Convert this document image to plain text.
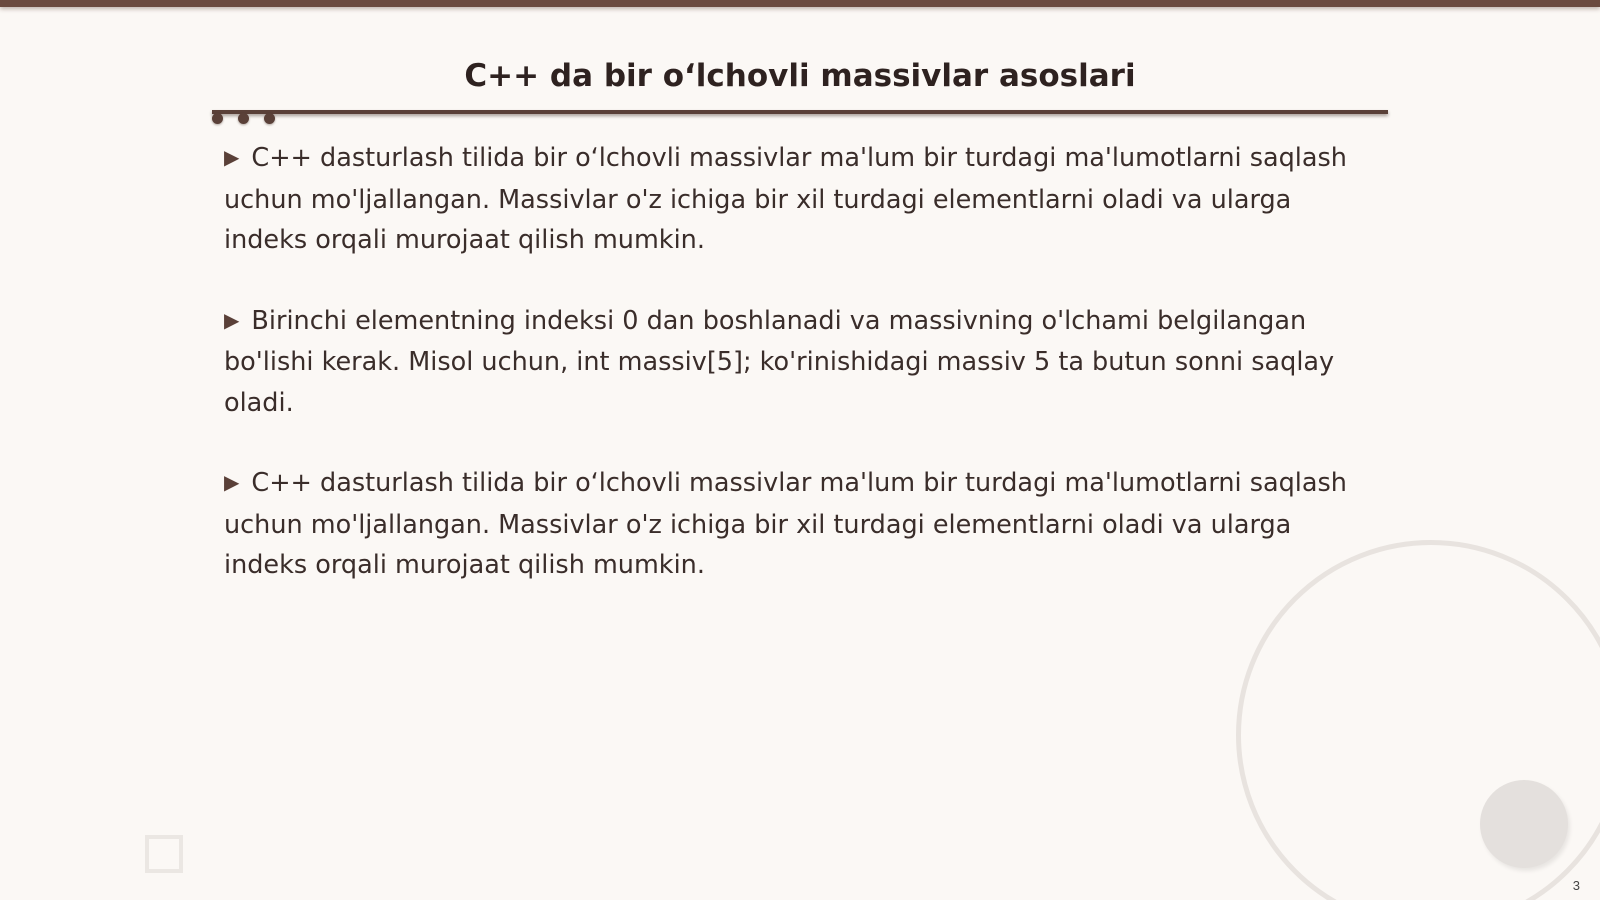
C++ da bir oʻlchovli massivlar asoslari

▶ C++ dasturlash tilida bir oʻlchovli massivlar ma'lum bir turdagi ma'lumotlarni saqlash uchun mo'ljallangan. Massivlar o'z ichiga bir xil turdagi elementlarni oladi va ularga indeks orqali murojaat qilish mumkin.

▶ Birinchi elementning indeksi 0 dan boshlanadi va massivning o'lchami belgilangan bo'lishi kerak. Misol uchun, int massiv[5]; ko'rinishidagi massiv 5 ta butun sonni saqlay oladi.

▶ C++ dasturlash tilida bir oʻlchovli massivlar ma'lum bir turdagi ma'lumotlarni saqlash uchun mo'ljallangan. Massivlar o'z ichiga bir xil turdagi elementlarni oladi va ularga indeks orqali murojaat qilish mumkin.

3
